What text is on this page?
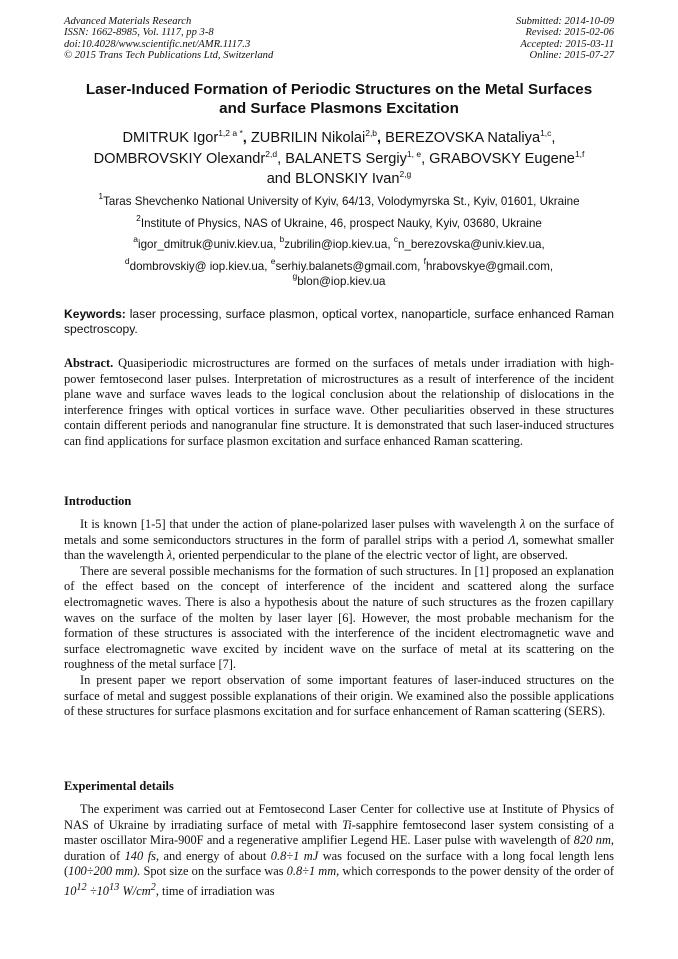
Advanced Materials Research
ISSN: 1662-8985, Vol. 1117, pp 3-8
doi:10.4028/www.scientific.net/AMR.1117.3
© 2015 Trans Tech Publications Ltd, Switzerland
Submitted: 2014-10-09
Revised: 2015-02-06
Accepted: 2015-03-11
Online: 2015-07-27
Laser-Induced Formation of Periodic Structures on the Metal Surfaces
and Surface Plasmons Excitation
DMITRUK Igor$^{1,2 a *}$, ZUBRILIN Nikolai$^{2,b}$, BEREZOVSKA Nataliya$^{1,c}$,
DOMBROVSKIY Olexandr$^{2,d}$, BALANETS Sergiy$^{1, e}$, GRABOVSKY Eugene$^{1,f}$
and BLONSKIY Ivan$^{2,g}$
$^1$Taras Shevchenko National University of Kyiv, 64/13, Volodymyrska St., Kyiv, 01601, Ukraine
$^2$Institute of Physics, NAS of Ukraine, 46, prospect Nauky, Kyiv, 03680, Ukraine
$^a$igor_dmitruk@univ.kiev.ua, $^b$zubrilin@iop.kiev.ua, $^c$n_berezovska@univ.kiev.ua,
$^d$dombrovskiy@ iop.kiev.ua, $^e$serhiy.balanets@gmail.com, $^f$hrabovskye@gmail.com,
$^g$blon@iop.kiev.ua
Keywords: laser processing, surface plasmon, optical vortex, nanoparticle, surface enhanced Raman spectroscopy.

Abstract. Quasiperiodic microstructures are formed on the surfaces of metals under irradiation with high-power femtosecond laser pulses. Interpretation of microstructures as a result of interference of the incident plane wave and surface waves leads to the logical conclusion about the relationship of dislocations in the interference fringes with optical vortices in surface wave. Other peculiarities observed in these structures contain different periods and nanogranular fine structure. It is demonstrated that such laser-induced structures can find applications for surface plasmon excitation and surface enhanced Raman scattering.

Introduction

It is known [1-5] that under the action of plane-polarized laser pulses with wavelength λ on the surface of metals and some semiconductors structures in the form of parallel strips with a period Λ, somewhat smaller than the wavelength λ, oriented perpendicular to the plane of the electric vector of light, are observed.

There are several possible mechanisms for the formation of such structures. In [1] proposed an explanation of the effect based on the concept of interference of the incident and scattered along the surface electromagnetic waves. There is also a hypothesis about the nature of such structures as the frozen capillary waves on the surface of the molten by laser layer [6]. However, the most probable mechanism for the formation of these structures is associated with the interference of the incident electromagnetic wave and surface electromagnetic wave excited by incident wave on the surface of metal at its scattering on the roughness of the metal surface [7].

In present paper we report observation of some important features of laser-induced structures on the surface of metal and suggest possible explanations of their origin. We examined also the possible applications of these structures for surface plasmons excitation and for surface enhancement of Raman scattering (SERS).

Experimental details

The experiment was carried out at Femtosecond Laser Center for collective use at Institute of Physics of NAS of Ukraine by irradiating surface of metal with Ti-sapphire femtosecond laser system consisting of a master oscillator Mira-900F and a regenerative amplifier Legend HE. Laser pulse with wavelength of 820 nm, duration of 140 fs, and energy of about 0.8÷1 mJ was focused on the surface with a long focal length lens (100÷200 mm). Spot size on the surface was 0.8÷1 mm, which corresponds to the power density of the order of $10^{12} \div 10^{13}$ $W/cm^2$, time of irradiation was
